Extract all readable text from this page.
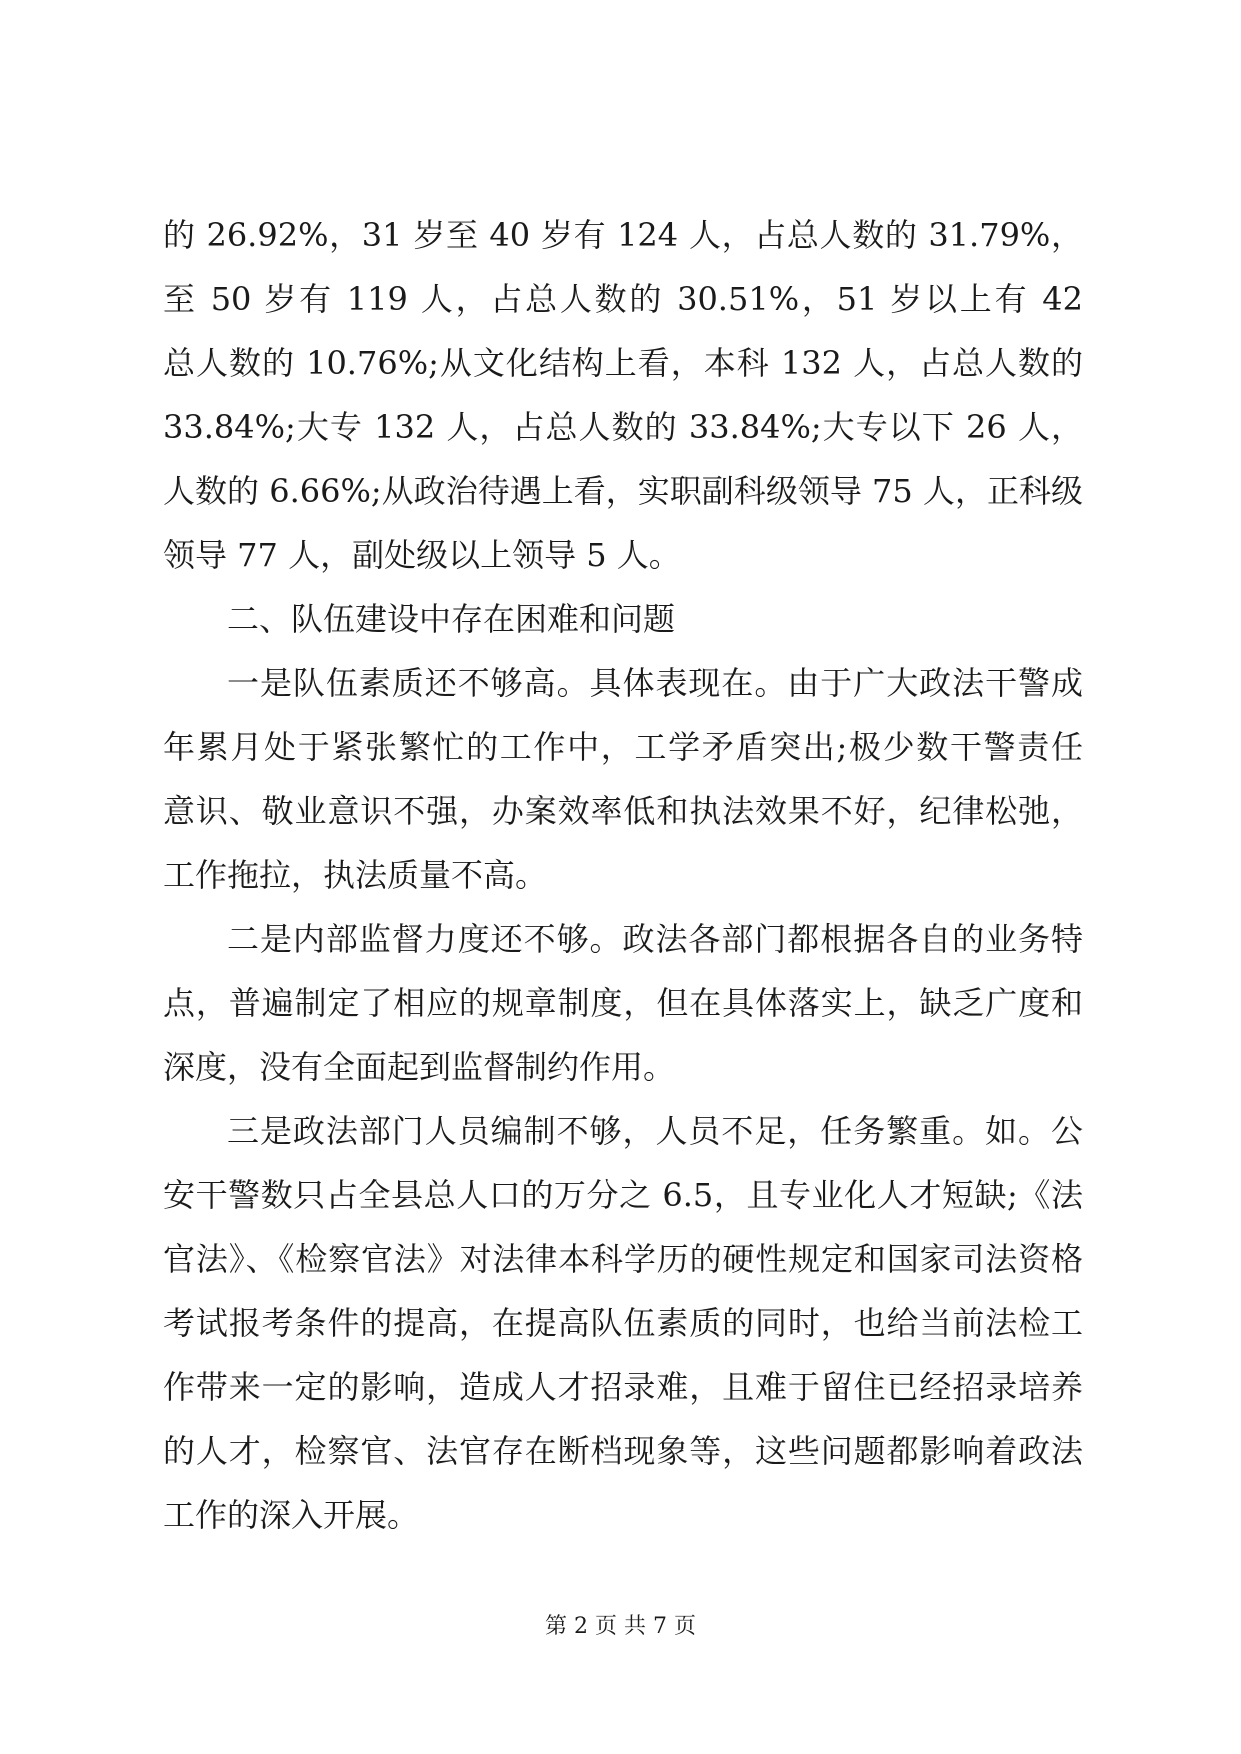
的 26.92%，31 岁至 40 岁有 124 人，占总人数的 31.79%，
至 50 岁有 119 人，占总人数的 30.51%，51 岁以上有 42
总人数的 10.76%;从文化结构上看，本科 132 人，占总人数的
33.84%;大专 132 人，占总人数的 33.84%;大专以下 26 人，
人数的 6.66%;从政治待遇上看，实职副科级领导 75 人，正科级
领导 77 人，副处级以上领导 5 人。
二、队伍建设中存在困难和问题
一是队伍素质还不够高。具体表现在。由于广大政法干警成
年累月处于紧张繁忙的工作中，工学矛盾突出;极少数干警责任
意识、敬业意识不强，办案效率低和执法效果不好，纪律松弛，
工作拖拉，执法质量不高。
二是内部监督力度还不够。政法各部门都根据各自的业务特
点，普遍制定了相应的规章制度，但在具体落实上，缺乏广度和
深度，没有全面起到监督制约作用。
三是政法部门人员编制不够，人员不足，任务繁重。如。公
安干警数只占全县总人口的万分之 6.5，且专业化人才短缺;《法
官法》、《检察官法》对法律本科学历的硬性规定和国家司法资格
考试报考条件的提高，在提高队伍素质的同时，也给当前法检工
作带来一定的影响，造成人才招录难，且难于留住已经招录培养
的人才，检察官、法官存在断档现象等，这些问题都影响着政法
工作的深入开展。
第 2 页 共 7 页
